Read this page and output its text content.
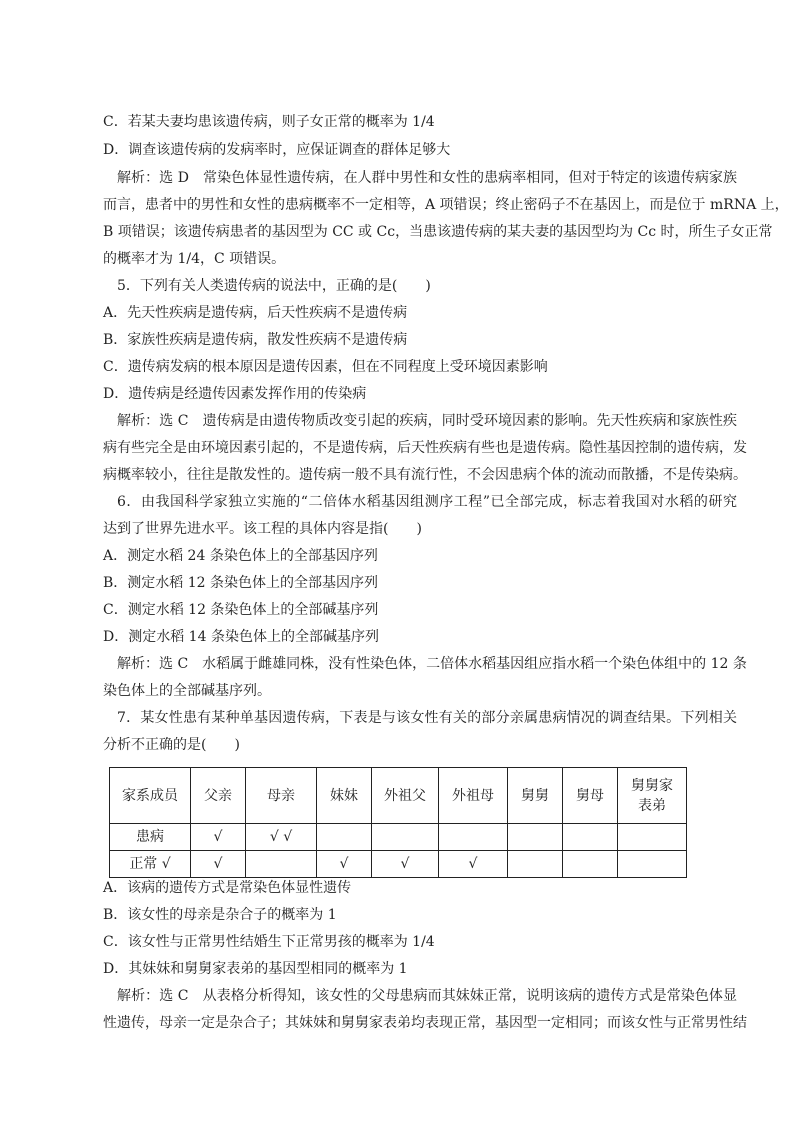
C．若某夫妻均患该遗传病，则子女正常的概率为 1/4
D．调查该遗传病的发病率时，应保证调查的群体足够大
解析：选 D　常染色体显性遗传病，在人群中男性和女性的患病率相同，但对于特定的该遗传病家族
而言，患者中的男性和女性的患病概率不一定相等，A 项错误；终止密码子不在基因上，而是位于 mRNA 上，
B 项错误；该遗传病患者的基因型为 CC 或 Cc，当患该遗传病的某夫妻的基因型均为 Cc 时，所生子女正常
的概率才为 1/4，C 项错误。
5．下列有关人类遗传病的说法中，正确的是(　　)
A．先天性疾病是遗传病，后天性疾病不是遗传病
B．家族性疾病是遗传病，散发性疾病不是遗传病
C．遗传病发病的根本原因是遗传因素，但在不同程度上受环境因素影响
D．遗传病是经遗传因素发挥作用的传染病
解析：选 C　遗传病是由遗传物质改变引起的疾病，同时受环境因素的影响。先天性疾病和家族性疾
病有些完全是由环境因素引起的，不是遗传病，后天性疾病有些也是遗传病。隐性基因控制的遗传病，发
病概率较小，往往是散发性的。遗传病一般不具有流行性，不会因患病个体的流动而散播，不是传染病。
6．由我国科学家独立实施的“二倍体水稻基因组测序工程”已全部完成，标志着我国对水稻的研究
达到了世界先进水平。该工程的具体内容是指(　　)
A．测定水稻 24 条染色体上的全部基因序列
B．测定水稻 12 条染色体上的全部基因序列
C．测定水稻 12 条染色体上的全部碱基序列
D．测定水稻 14 条染色体上的全部碱基序列
解析：选 C　水稻属于雌雄同株，没有性染色体，二倍体水稻基因组应指水稻一个染色体组中的 12 条
染色体上的全部碱基序列。
7．某女性患有某种单基因遗传病，下表是与该女性有关的部分亲属患病情况的调查结果。下列相关
分析不正确的是(　　)
家系成员	父亲	母亲	妹妹	外祖父	外祖母	舅舅	舅母	舅舅家
表弟

患病	√	√ √						
正常 √	√		√	√	√			
A．该病的遗传方式是常染色体显性遗传
B．该女性的母亲是杂合子的概率为 1
C．该女性与正常男性结婚生下正常男孩的概率为 1/4
D．其妹妹和舅舅家表弟的基因型相同的概率为 1
解析：选 C　从表格分析得知，该女性的父母患病而其妹妹正常，说明该病的遗传方式是常染色体显
性遗传，母亲一定是杂合子；其妹妹和舅舅家表弟均表现正常，基因型一定相同；而该女性与正常男性结
